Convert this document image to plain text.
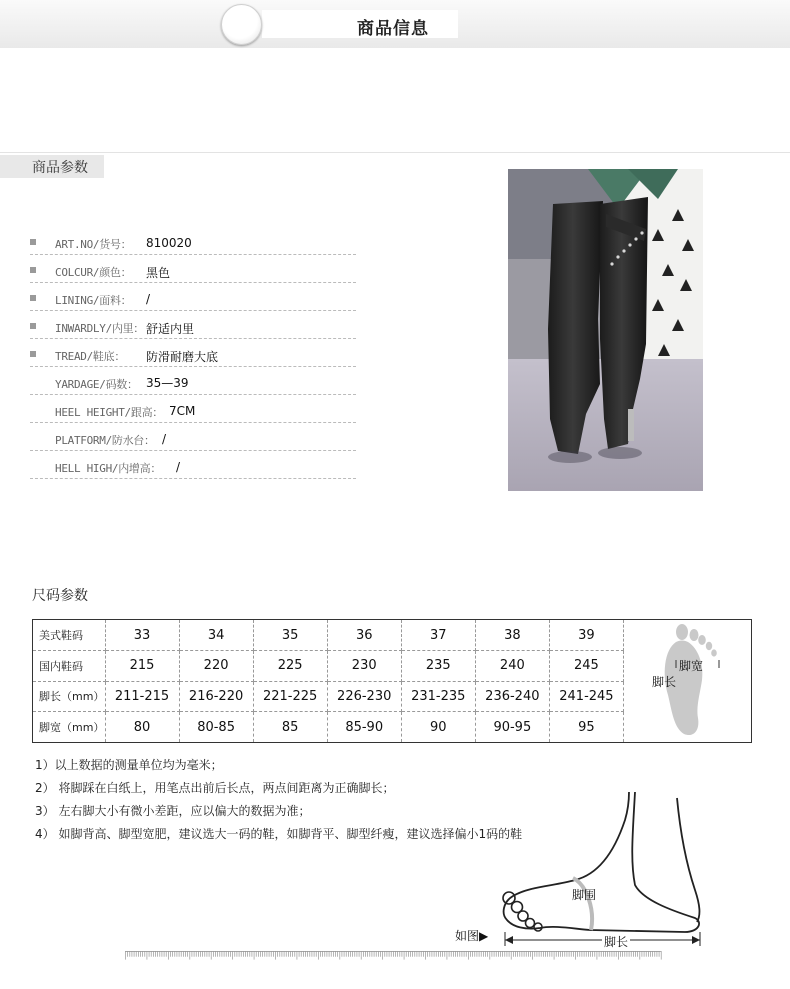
商品信息
商品参数
ART.NO/货号： 810020
COLCUR/颜色： 黑色
LINING/面料： /
INWARDLY/内里： 舒适内里
TREAD/鞋底： 防滑耐磨大底
YARDAGE/码数： 35—39
HEEL HEIGHT/跟高： 7CM
PLATFORM/防水台： /
HELL HIGH/内增高： /
尺码参数
美式鞋码	33	34	35	36	37	38	39
国内鞋码	215	220	225	230	235	240	245
脚长（mm）	211-215	216-220	221-225	226-230	231-235	236-240	241-245
脚宽（mm）	80	80-85	85	85-90	90	90-95	95
脚宽
脚长
1）以上数据的测量单位均为毫米；
2） 将脚踩在白纸上，用笔点出前后长点，两点间距离为正确脚长；
3） 左右脚大小有微小差距，应以偏大的数据为准；
4） 如脚背高、脚型宽肥，建议选大一码的鞋，如脚背平、脚型纤瘦，建议选择偏小1码的鞋
脚围
脚长
如图▶
